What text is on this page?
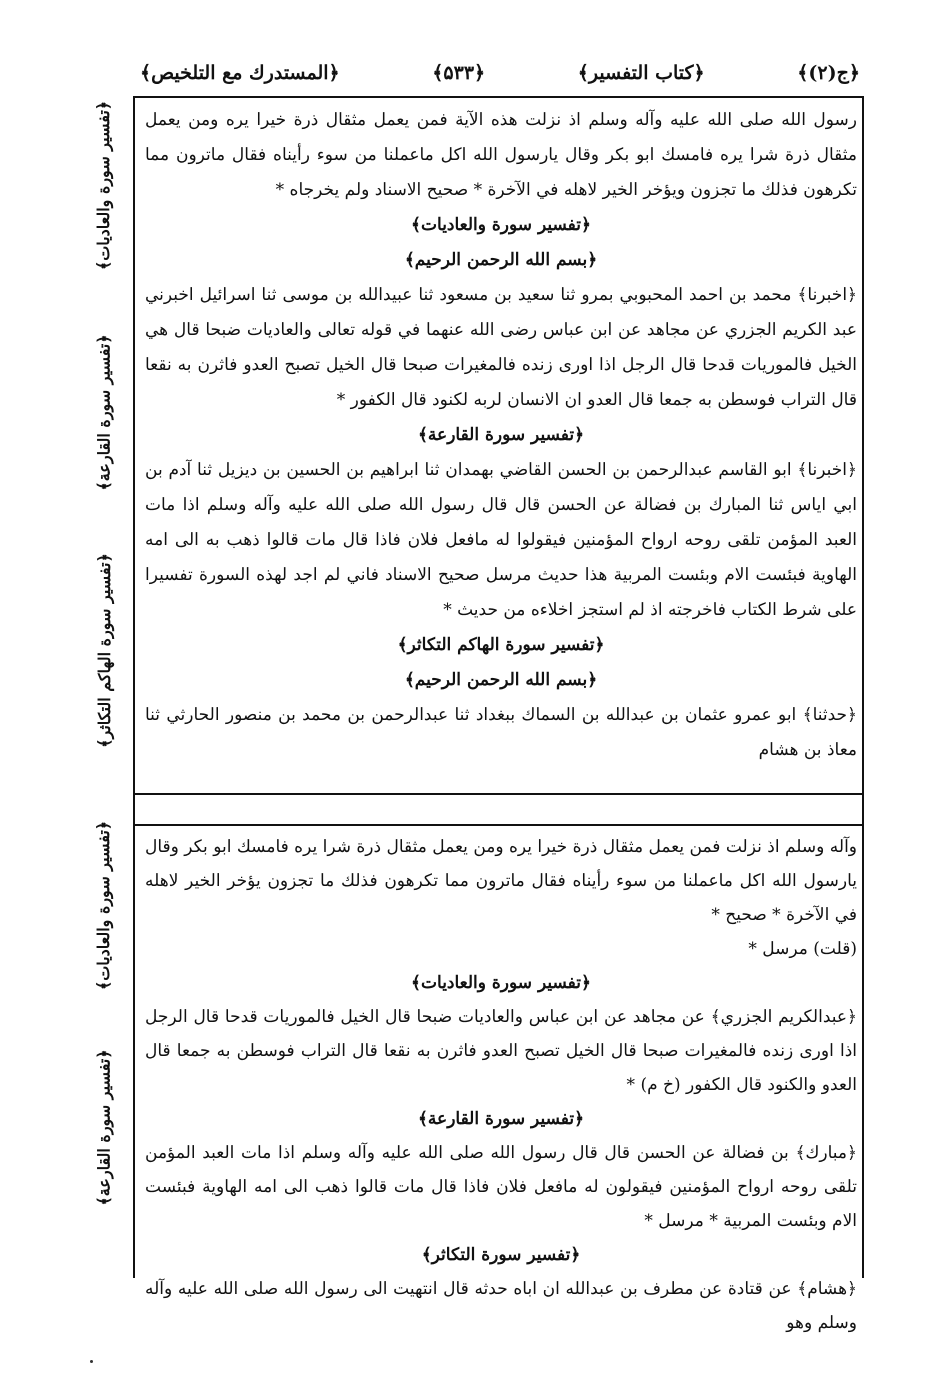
﴿المستدرك مع التلخيص﴾	﴿۵۳۳﴾	﴿كتاب التفسير﴾	﴿ج(٢)﴾

رسول الله صلى الله عليه وآله وسلم اذ نزلت هذه الآية فمن يعمل مثقال ذرة خيرا يره ومن يعمل مثقال ذرة شرا يره فامسك ابو بكر وقال يارسول الله اكل ماعملنا من سوء رأيناه فقال ماترون مما تكرهون فذلك ما تجزون ويؤخر الخير لاهله في الآخرة * صحيح الاسناد ولم يخرجاه *

﴿تفسير سورة والعاديات﴾

﴿بسم الله الرحمن الرحيم﴾

﴿اخبرنا﴾ محمد بن احمد المحبوبي بمرو ثنا سعيد بن مسعود ثنا عبيدالله بن موسى ثنا اسرائيل اخبرني عبد الكريم الجزري عن مجاهد عن ابن عباس رضى الله عنهما في قوله تعالى والعاديات ضبحا قال هي الخيل فالموريات قدحا قال الرجل اذا اورى زنده فالمغيرات صبحا قال الخيل تصبح العدو فاثرن به نقعا قال التراب فوسطن به جمعا قال العدو ان الانسان لربه لكنود قال الكفور *

﴿تفسير سورة القارعة﴾

﴿اخبرنا﴾ ابو القاسم عبدالرحمن بن الحسن القاضي بهمدان ثنا ابراهيم بن الحسين بن ديزيل ثنا آدم بن ابي اياس ثنا المبارك بن فضالة عن الحسن قال قال رسول الله صلى الله عليه وآله وسلم اذا مات العبد المؤمن تلقى روحه ارواح المؤمنين فيقولوا له مافعل فلان فاذا قال مات قالوا ذهب به الى امه الهاوية فبئست الام وبئست المربية هذا حديث مرسل صحيح الاسناد فاني لم اجد لهذه السورة تفسيرا على شرط الكتاب فاخرجته اذ لم استجز اخلاءه من حديث *

﴿تفسير سورة الهاكم التكاثر﴾

﴿بسم الله الرحمن الرحيم﴾

﴿حدثنا﴾ ابو عمرو عثمان بن عبدالله بن السماك ببغداد ثنا عبدالرحمن بن محمد بن منصور الحارثي ثنا معاذ بن هشام

وآله وسلم اذ نزلت فمن يعمل مثقال ذرة خيرا يره ومن يعمل مثقال ذرة شرا يره فامسك ابو بكر وقال يارسول الله اكل ماعملنا من سوء رأيناه فقال ماترون مما تكرهون فذلك ما تجزون يؤخر الخير لاهله في الآخرة * صحيح *

(قلت) مرسل *

﴿تفسير سورة والعاديات﴾

﴿عبدالكريم الجزري﴾ عن مجاهد عن ابن عباس والعاديات ضبحا قال الخيل فالموريات قدحا قال الرجل اذا اورى زنده فالمغيرات صبحا قال الخيل تصبح العدو فاثرن به نقعا قال التراب فوسطن به جمعا قال العدو والكنود قال الكفور (خ م) *

﴿تفسير سورة القارعة﴾

﴿مبارك﴾ بن فضالة عن الحسن قال قال رسول الله صلى الله عليه وآله وسلم اذا مات العبد المؤمن تلقى روحه ارواح المؤمنين فيقولون له مافعل فلان فاذا قال مات قالوا ذهب الى امه الهاوية فبئست الام وبئست المربية * مرسل *

﴿تفسير سورة التكاثر﴾

﴿هشام﴾ عن قتادة عن مطرف بن عبدالله ان اباه حدثه قال انتهيت الى رسول الله صلى الله عليه وآله وسلم وهو

﴿تفسير سورة والعاديات﴾
﴿تفسير سورة القارعة﴾
﴿تفسير سورة الهاكم التكاثر﴾
﴿تفسير سورة والعاديات﴾
﴿تفسير سورة القارعة﴾
